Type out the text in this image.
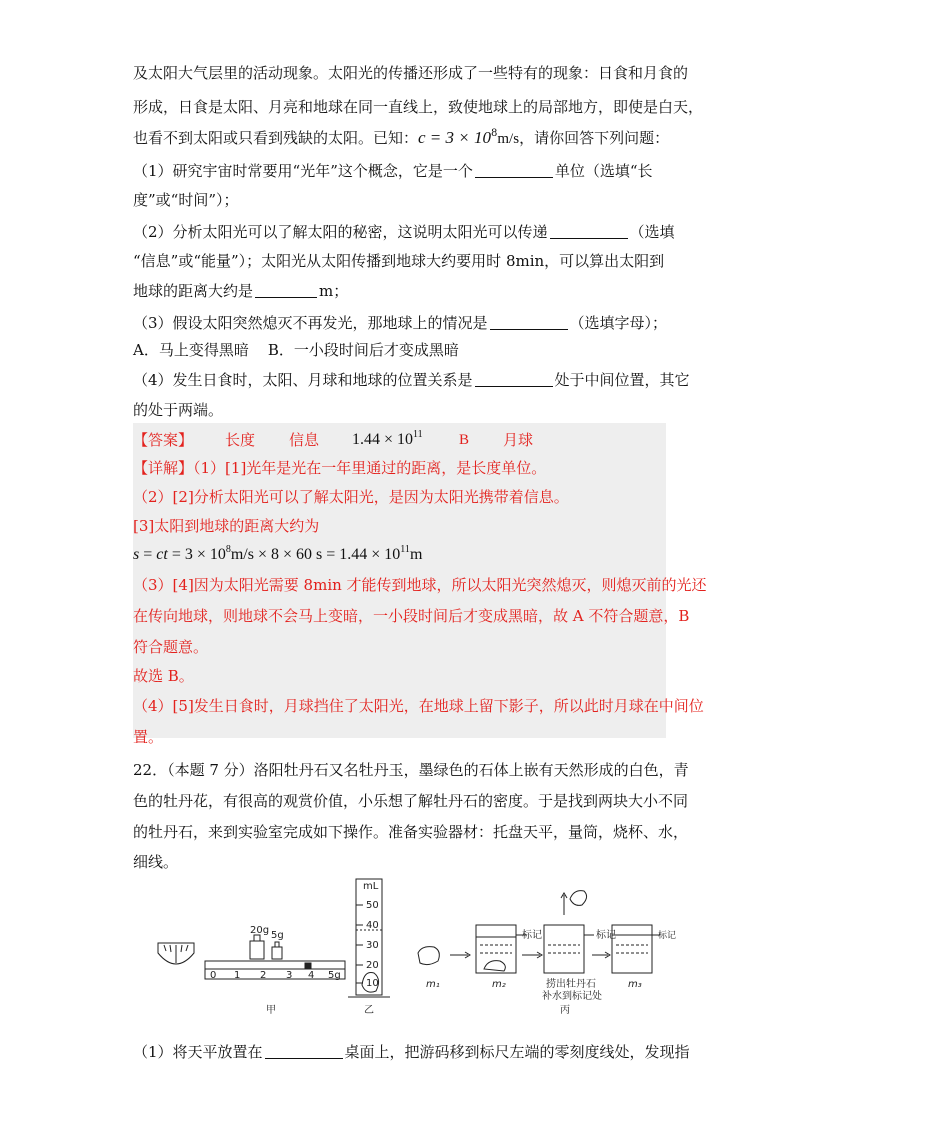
及太阳大气层里的活动现象。太阳光的传播还形成了一些特有的现象：日食和月食的
形成，日食是太阳、月亮和地球在同一直线上，致使地球上的局部地方，即使是白天，
也看不到太阳或只看到残缺的太阳。已知：$c = 3 \times 10^8m/s$，请你回答下列问题：
（1）研究宇宙时常要用“光年”这个概念，它是一个	单位（选填“长
度”或“时间”）；
（2）分析太阳光可以了解太阳的秘密，这说明太阳光可以传递	（选填
“信息”或“能量”）；太阳光从太阳传播到地球大约要用时 8min，可以算出太阳到
地球的距离大约是	m；
（3）假设太阳突然熄灭不再发光，那地球上的情况是	（选填字母）；
A．马上变得黑暗    B．一小段时间后才变成黑暗
（4）发生日食时，太阳、月球和地球的位置关系是	处于中间位置，其它
的处于两端。
【答案】 长度 信息 $1.44 \times 10^{11}$ B 月球
【详解】（1）[1]光年是光在一年里通过的距离，是长度单位。
（2）[2]分析太阳光可以了解太阳光，是因为太阳光携带着信息。
[3]太阳到地球的距离大约为
s = ct = $3 \times 10^8m/s \times 8 \times 60$ $s = 1.44 \times 10^{11}m$
（3）[4]因为太阳光需要 8min 才能传到地球，所以太阳光突然熄灭，则熄灭前的光还
在传向地球，则地球不会马上变暗，一小段时间后才变成黑暗，故 A 不符合题意，B
符合题意。
故选 B。
（4）[5]发生日食时，月球挡住了太阳光，在地球上留下影子，所以此时月球在中间位
置。
22．（本题 7 分）洛阳牡丹石又名牡丹玉，墨绿色的石体上嵌有天然形成的白色，青
色的牡丹花，有很高的观赏价值，小乐想了解牡丹石的密度。于是找到两块大小不同
的牡丹石，来到实验室完成如下操作。准备实验器材：托盘天平，量筒，烧杯、水，
细线。
20g 5g
0 1 2 3 4 5g
mL
50
40
30
20
10
标记	标记	标记
捞出牡丹石
补水到标记处
m₁	m₂	m₃
甲	乙	丙
（1）将天平放置在	桌面上，把游码移到标尺左端的零刻度线处，发现指
